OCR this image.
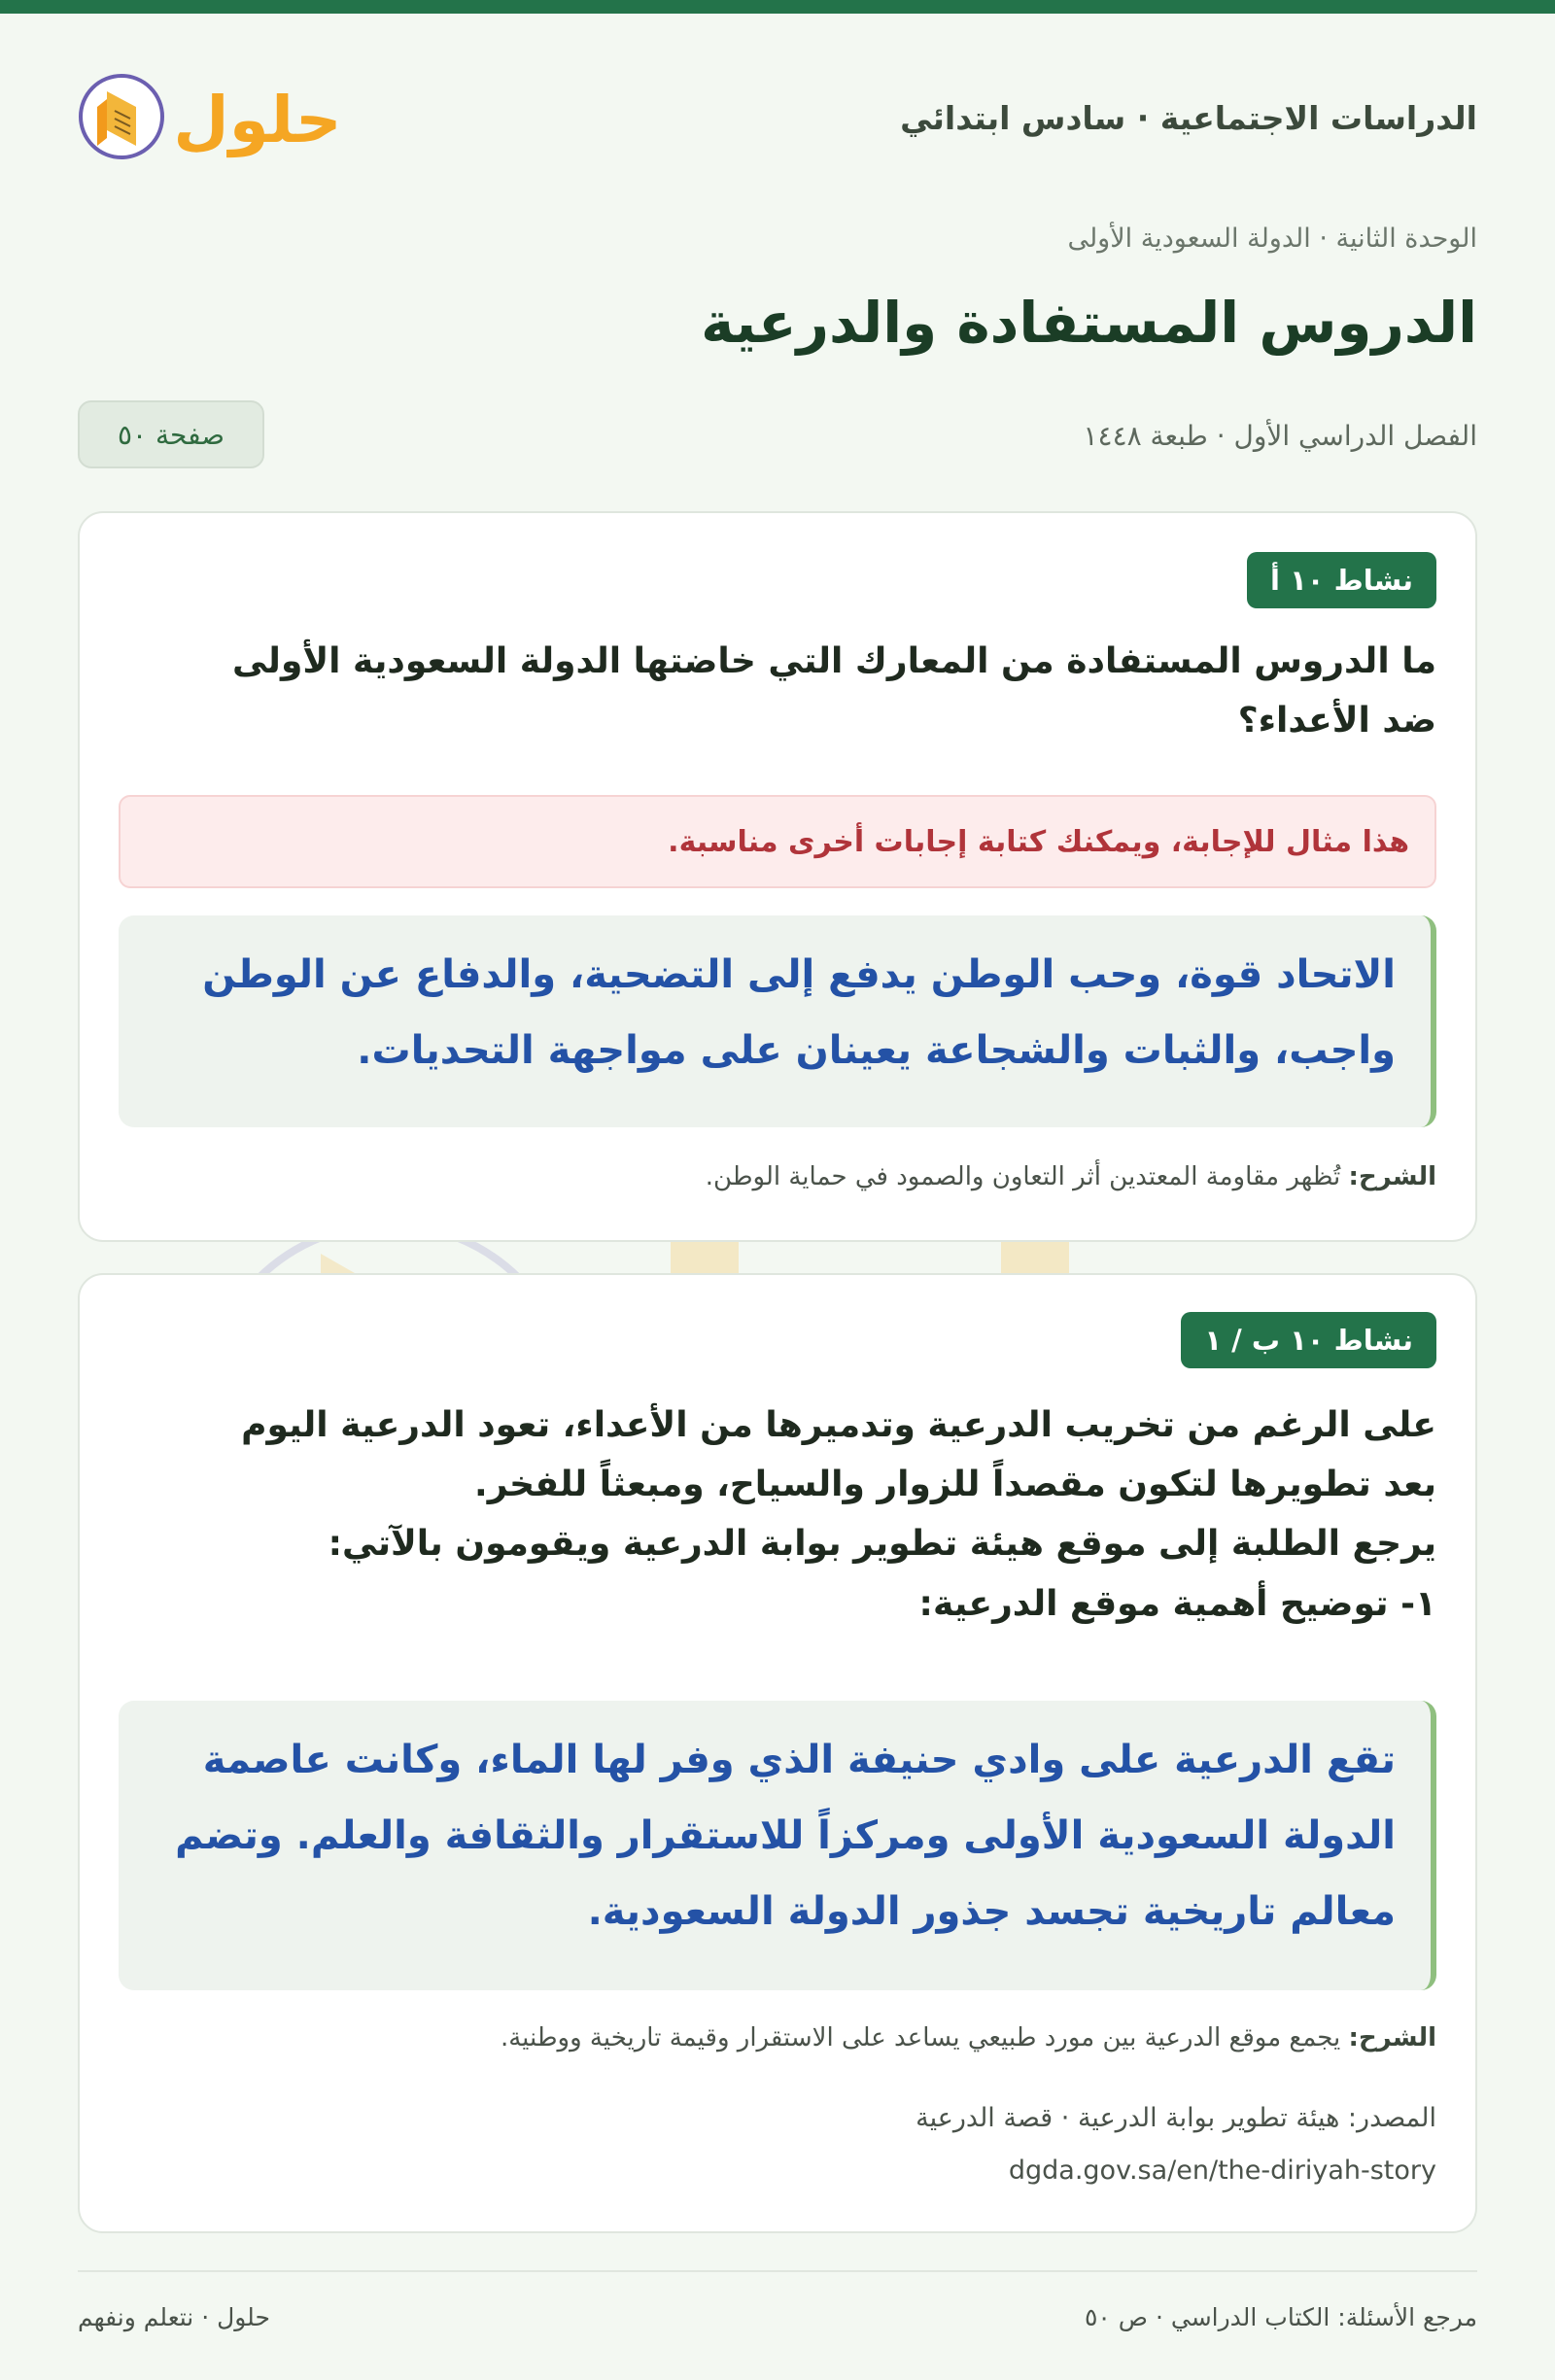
الدراسات الاجتماعية · سادس ابتدائي
حلول
الوحدة الثانية · الدولة السعودية الأولى
الدروس المستفادة والدرعية
الفصل الدراسي الأول · طبعة ١٤٤٨
صفحة ٥٠
نشاط ١٠ أ
ما الدروس المستفادة من المعارك التي خاضتها الدولة السعودية الأولى
ضد الأعداء؟
هذا مثال للإجابة، ويمكنك كتابة إجابات أخرى مناسبة.
الاتحاد قوة، وحب الوطن يدفع إلى التضحية، والدفاع عن الوطن
واجب، والثبات والشجاعة يعينان على مواجهة التحديات.
الشرح: تُظهر مقاومة المعتدين أثر التعاون والصمود في حماية الوطن.
نشاط ١٠ ب / ١
على الرغم من تخريب الدرعية وتدميرها من الأعداء، تعود الدرعية اليوم
بعد تطويرها لتكون مقصداً للزوار والسياح، ومبعثاً للفخر.
يرجع الطلبة إلى موقع هيئة تطوير بوابة الدرعية ويقومون بالآتي:
١- توضيح أهمية موقع الدرعية:
تقع الدرعية على وادي حنيفة الذي وفر لها الماء، وكانت عاصمة
الدولة السعودية الأولى ومركزاً للاستقرار والثقافة والعلم. وتضم
معالم تاريخية تجسد جذور الدولة السعودية.
الشرح: يجمع موقع الدرعية بين مورد طبيعي يساعد على الاستقرار وقيمة تاريخية ووطنية.
المصدر: هيئة تطوير بوابة الدرعية · قصة الدرعية
dgda.gov.sa/en/the-diriyah-story
مرجع الأسئلة: الكتاب الدراسي · ص ٥٠
حلول · نتعلم ونفهم
